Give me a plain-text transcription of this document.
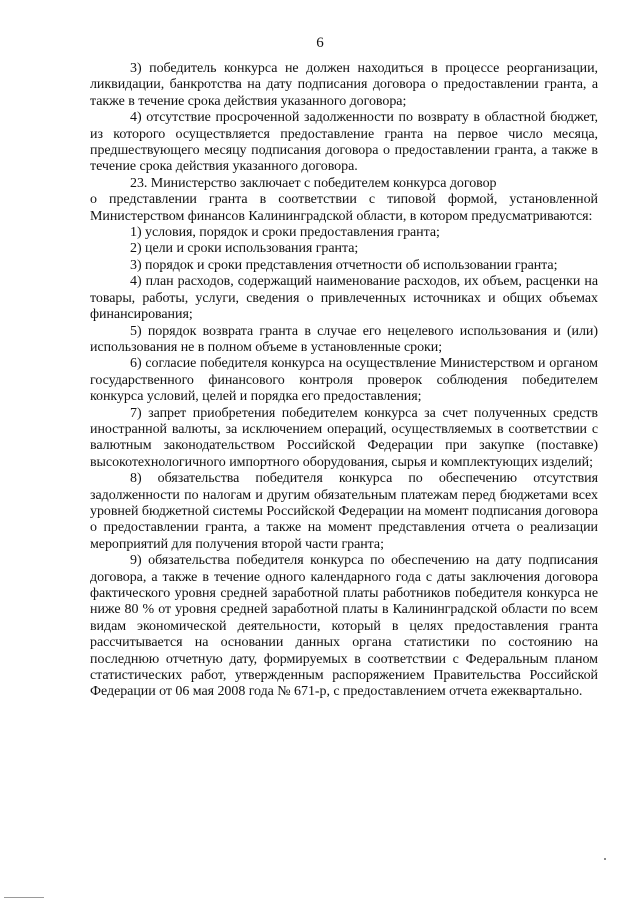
6

3) победитель конкурса не должен находиться в процессе реорганизации, ликвидации, банкротства на дату подписания договора о предоставлении гранта, а также в течение срока действия указанного договора;

4) отсутствие просроченной задолженности по возврату в областной бюджет, из которого осуществляется предоставление гранта на первое число месяца, предшествующего месяцу подписания договора о предоставлении гранта, а также в течение срока действия указанного договора.

23. Министерство заключает с победителем конкурса договор

о представлении гранта в соответствии с типовой формой, установленной Министерством финансов Калининградской области, в котором предусматриваются:

1) условия, порядок и сроки предоставления гранта;

2) цели и сроки использования гранта;

3) порядок и сроки представления отчетности об использовании гранта;

4) план расходов, содержащий наименование расходов, их объем, расценки на товары, работы, услуги, сведения о привлеченных источниках и общих объемах финансирования;

5) порядок возврата гранта в случае его нецелевого использования и (или) использования не в полном объеме в установленные сроки;

6) согласие победителя конкурса на осуществление Министерством и органом государственного финансового контроля проверок соблюдения победителем конкурса условий, целей и порядка его предоставления;

7) запрет приобретения победителем конкурса за счет полученных средств иностранной валюты, за исключением операций, осуществляемых в соответствии с валютным законодательством Российской Федерации при закупке (поставке) высокотехнологичного импортного оборудования, сырья и комплектующих изделий;

8) обязательства победителя конкурса по обеспечению отсутствия задолженности по налогам и другим обязательным платежам перед бюджетами всех уровней бюджетной системы Российской Федерации на момент подписания договора о предоставлении гранта, а также на момент представления отчета о реализации мероприятий для получения второй части гранта;

9) обязательства победителя конкурса по обеспечению на дату подписания договора, а также в течение одного календарного года с даты заключения договора фактического уровня средней заработной платы работников победителя конкурса не ниже 80 % от уровня средней заработной платы в Калининградской области по всем видам экономической деятельности, который в целях предоставления гранта рассчитывается на основании данных органа статистики по состоянию на последнюю отчетную дату, формируемых в соответствии с Федеральным планом статистических работ, утвержденным распоряжением Правительства Российской Федерации от 06 мая 2008 года № 671-р, с предоставлением отчета ежеквартально.
